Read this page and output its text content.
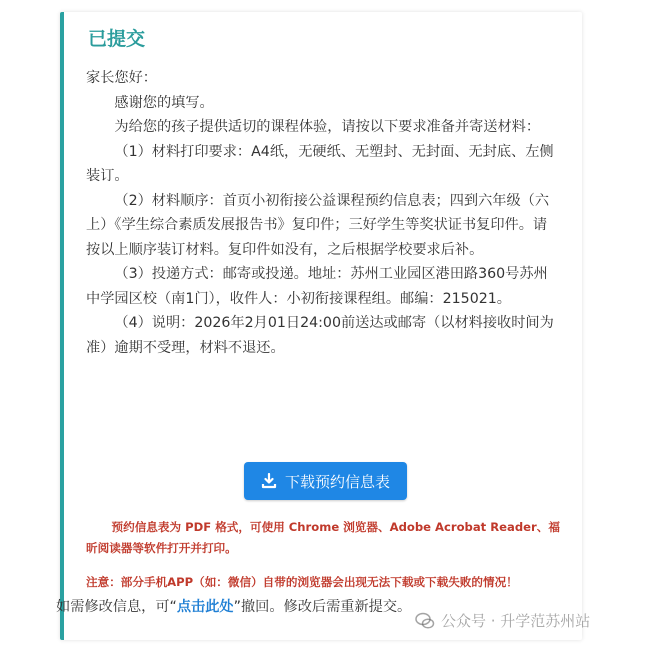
已提交

家长您好：

感谢您的填写。

为给您的孩子提供适切的课程体验，请按以下要求准备并寄送材料：

（1）材料打印要求：A4纸，无硬纸、无塑封、无封面、无封底、左侧装订。

（2）材料顺序：首页小初衔接公益课程预约信息表；四到六年级（六上）《学生综合素质发展报告书》复印件；三好学生等奖状证书复印件。请按以上顺序装订材料。复印件如没有，之后根据学校要求后补。

（3）投递方式：邮寄或投递。地址：苏州工业园区港田路360号苏州中学园区校（南1门），收件人：小初衔接课程组。邮编：215021。

（4）说明：2026年2月01日24:00前送达或邮寄（以材料接收时间为准）逾期不受理，材料不退还。

下载预约信息表
预约信息表为 PDF 格式，可使用 Chrome 浏览器、Adobe Acrobat Reader、福昕阅读器等软件打开并打印。
注意：部分手机APP（如：微信）自带的浏览器会出现无法下载或下载失败的情况！
如需修改信息，可“点击此处”撤回。修改后需重新提交。
公众号 · 升学范苏州站
